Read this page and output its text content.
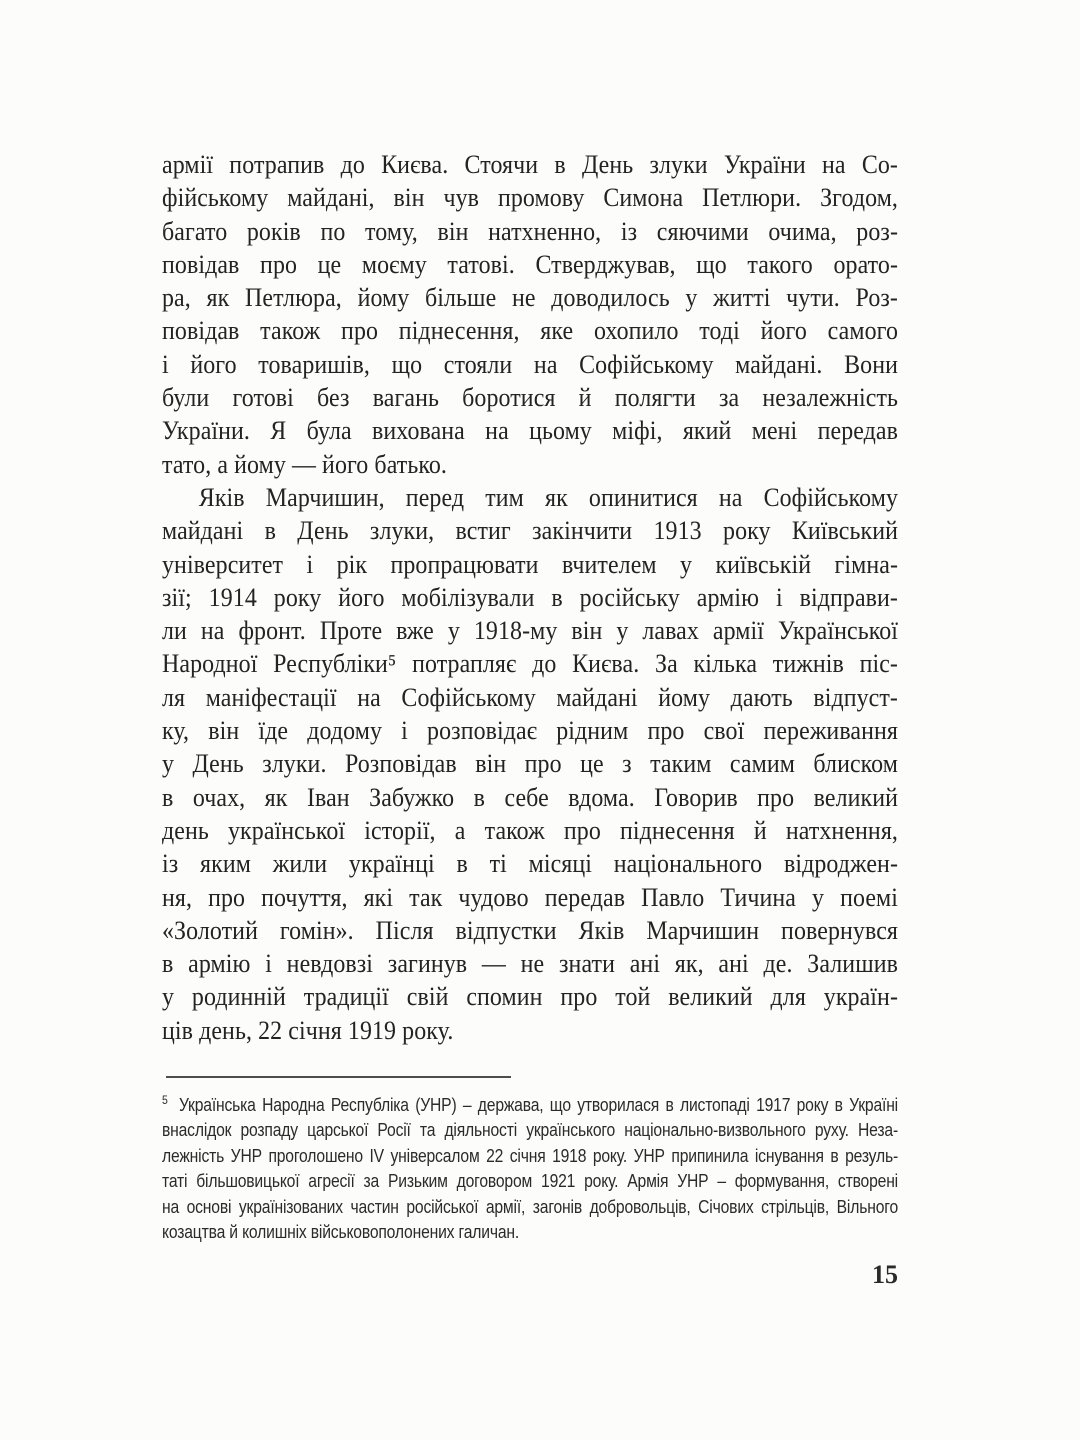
армії потрапив до Києва. Стоячи в День злуки України на Со-
фійському майдані, він чув промову Симона Петлюри. Згодом,
багато років по тому, він натхненно, із сяючими очима, роз-
повідав про це моєму татові. Стверджував, що такого орато-
ра, як Петлюра, йому більше не доводилось у житті чути. Роз-
повідав також про піднесення, яке охопило тоді його самого
і його товаришів, що стояли на Софійському майдані. Вони
були готові без вагань боротися й полягти за незалежність
України. Я була вихована на цьому міфі, який мені передав
тато, а йому — його батько.
Яків Марчишин, перед тим як опинитися на Софійському
майдані в День злуки, встиг закінчити 1913 року Київський
університет і рік пропрацювати вчителем у київській гімна-
зії; 1914 року його мобілізували в російську армію і відправи-
ли на фронт. Проте вже у 1918-му він у лавах армії Української
Народної Республіки⁵ потрапляє до Києва. За кілька тижнів піс-
ля маніфестації на Софійському майдані йому дають відпуст-
ку, він їде додому і розповідає рідним про свої переживання
у День злуки. Розповідав він про це з таким самим блиском
в очах, як Іван Забужко в себе вдома. Говорив про великий
день української історії, а також про піднесення й натхнення,
із яким жили українці в ті місяці національного відроджен-
ня, про почуття, які так чудово передав Павло Тичина у поемі
«Золотий гомін». Після відпустки Яків Марчишин повернувся
в армію і невдовзі загинув — не знати ані як, ані де. Залишив
у родинній традиції свій спомин про той великий для україн-
ців день, 22 січня 1919 року.
$^5$ Українська Народна Республіка (УНР) – держава, що утворилася в листопаді 1917 року в Україні
внаслідок розпаду царської Росії та діяльності українського національно-визвольного руху. Неза-
лежність УНР проголошено IV універсалом 22 січня 1918 року. УНР припинила існування в резуль-
таті більшовицької агресії за Ризьким договором 1921 року. Армія УНР – формування, створені
на основі українізованих частин російської армії, загонів добровольців, Січових стрільців, Вільного
козацтва й колишніх військовополонених галичан.
15
